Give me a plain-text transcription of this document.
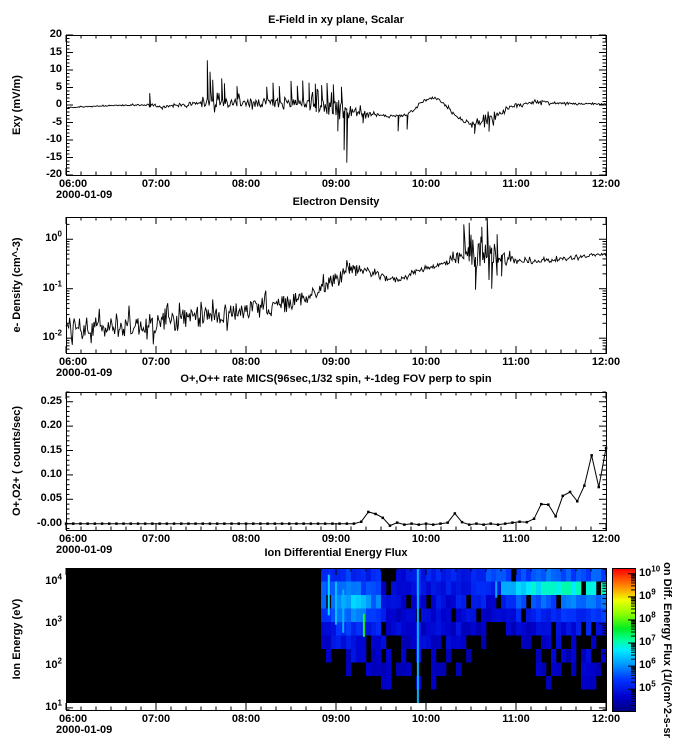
Exy (mV/m)
e- Density (cm^-3)
O+,O2+ ( counts/sec)
Ion Energy (eV)	on Diff. Energy Flux (1/(cm^2-s-sr
E-Field in xy plane, Scalar
Electron Density
O+,O++ rate MICS(96sec,1/32 spin, +-1deg FOV perp to spin
Ion Differential Energy Flux
2000-01-09
2000-01-09
2000-01-09
2000-01-09
06:00	07:00	08:00	09:00	10:00	11:00	12:00
06:00	07:00	08:00	09:00	10:00	11:00	12:00
06:00	07:00	08:00	09:00	10:00	11:00	12:00
06:00	07:00	08:00	09:00	10:00	11:00	12:00
-20
-15
-10
-5
0
5
10
15
20
$10^0$
$10^{-1}$
$10^{-2}$
-0.00
0.05
0.10
0.15
0.20
0.25
$10^4$
$10^3$
$10^2$
$10^1$
$10^{10}$
$10^9$
$10^8$
$10^7$
$10^6$
$10^5$
